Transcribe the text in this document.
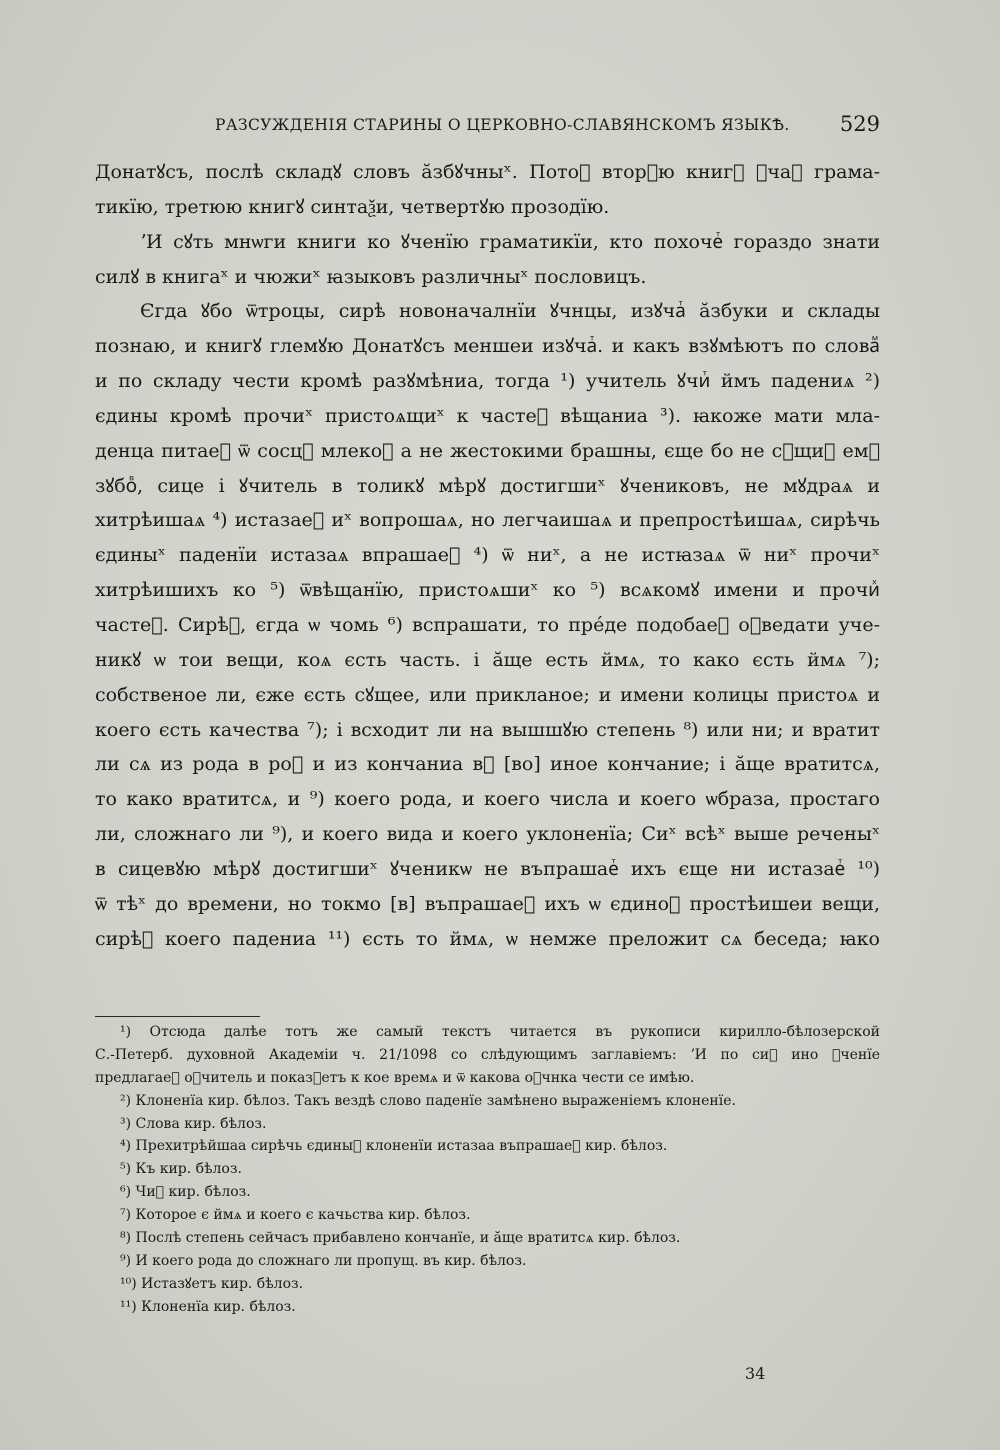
РАЗСУЖДЕНІЯ СТАРИНЫ О ЦЕРКОВНО-СЛАВЯНСКОМЪ ЯЗЫКѢ. 529
Донатꙋсъ, послѣ складꙋ словъ ӑзбꙋчныˣ. Потоⷨ вторꙋю книгꙋ ꙋчаⷮ грама-
тикїю, третюю книгꙋ синтаѯи, четвертꙋю прозодїю.
ʼИ сꙋть мнѡги книги ко ꙋченїю граматикїи, кто похочеⷮ гораздо знати
силꙋ в книгаˣ и чюжиˣ ꙗзыковъ различныˣ пословицъ.
Єгда ꙋбо ѿтроцы, сирѣ новоначалнїи ꙋчнцы, изꙋчаⷮ ӑзбуки и склады
познаю, и книгꙋ глемꙋю Донатꙋсъ меншеи изꙋчаⷮ. и какъ взꙋмѣютъ по словаⷨ
и по складу чести кромѣ разꙋмѣниа, тогда ¹) учитель ꙋчиⷮ ймъ падениѧ ²)
єдины кромѣ прочиˣ пристоѧщиˣ к частеⷨ вѣщаниа ³). ꙗкоже мати мла-
денца питаеⷮ ѿ сосцꙋ млекоⷨ а не жестокими брашны, єще бо не сꙋщиⷯ емꙋ
зꙋбоⷡ, сице і ꙋчитель в толикꙋ мѣрꙋ достигшиˣ ꙋчениковъ, не мꙋдраѧ и
хитрѣишаѧ ⁴) истазаеⷮ иˣ вопрошаѧ, но легчаишаѧ и препростѣишаѧ, сирѣчь
єдиныˣ паденїи истазаѧ впрашаеⷮ ⁴) ѿ ниˣ, а не истꙗзаѧ ѿ ниˣ прочиˣ
хитрѣишихъ ко ⁵) ѿвѣщанїю, пристоѧшиˣ ко ⁵) всѧкомꙋ имени и прочиⷯ
частеⷨ. Сирѣⷱ, єгда ѡ чомь ⁶) вспрашати, то пре́де подобаеⷮ оꙋведати уче-
никꙋ ѡ тои вещи, коѧ єсть часть. і ӑще есть ймѧ, то како єсть ймѧ ⁷);
собственое ли, єже єсть сꙋщее, или прикланое; и имени колицы пристоѧ и
коего єсть качества ⁷); і всходит ли на вышшꙋю степень ⁸) или ни; и вратит
ли сѧ из рода в роⷣ и из кончаниа вⷪ [во] иное кончание; і ӑще вратитсѧ,
то како вратитсѧ, и ⁹) коего рода, и коего числа и коего ѡбраза, простаго
ли, сложнаго ли ⁹), и коего вида и коего уклоненїа; Сиˣ всѣˣ выше реченыˣ
в сицевꙋю мѣрꙋ достигшиˣ ꙋченикѡ не въпрашаеⷮ ихъ єще ни истазаеⷮ ¹⁰)
ѿ тѣˣ до времени, но токмо [в] въпрашаеⷮ ихъ ѡ єдиноⷨ простѣишеи вещи,
сирѣⷱ коего падениа ¹¹) єсть то ймѧ, ѡ немже преложит сѧ беседа; ꙗко
¹) Отсюда далѣе тотъ же самый текстъ читается въ рукописи кирилло-бѣлозерской
С.-Петерб. духовной Академіи ч. 21/1098 со слѣдующимъ заглавіемъ: ʼИ по сиⷨ ино ꙋченїе
предлагаеⷮ оꙋчитель и показꙋетъ к кое времѧ и ѿ какова оꙋчнка чести се имѣю.
²) Клоненїа кир. бѣлоз. Такъ вездѣ слово паденїе замѣнено выраженіемъ клоненїе.
³) Слова кир. бѣлоз.
⁴) Прехитрѣйшаа сирѣчь єдиныⷯ клоненїи истазаа въпрашаеⷮ кир. бѣлоз.
⁵) Къ кир. бѣлоз.
⁶) Чиⷨ кир. бѣлоз.
⁷) Которое є ймѧ и коего є качьства кир. бѣлоз.
⁸) Послѣ степень сейчасъ прибавлено кончанїе, и ӑще вратитсѧ кир. бѣлоз.
⁹) И коего рода до сложнаго ли пропущ. въ кир. бѣлоз.
¹⁰) Истазꙋетъ кир. бѣлоз.
¹¹) Клоненїа кир. бѣлоз.
34
